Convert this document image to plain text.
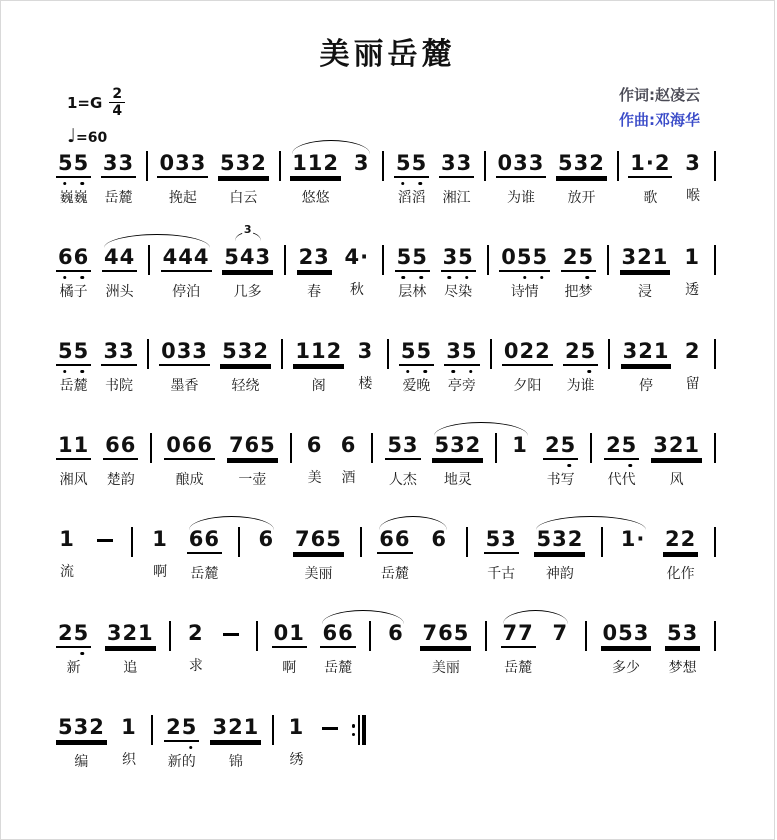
美丽岳麓
$1=G \frac{2}{4}$
♩=60
作词:赵凌云
作曲:邓海华
55
巍巍
33
岳麓
033
挽起
532
白云
112
悠悠
3 55
滔滔
33
湘江
033
为谁
532
放开
1·2
歌
3
喉
66
橘子
44
洲头
444
停泊
3
543
几多
23
春
4·
秋
55
层林
35
尽染
055
诗情
25
把梦
321
浸
1
透
55
岳麓
33
书院
033
墨香
532
轻绕
112
阁
3
楼
55
爱晚
35
亭旁
022
夕阳
25
为谁
321
停
2
留
11
湘风
66
楚韵
066
酿成
765
一壶
6
美
6
酒
53
人杰
532
地灵
1 25
书写
25
代代
321
风
1
流
1
啊
66
岳麓
6 765
美丽
66
岳麓
6 53
千古
532
神韵
1· 22
化作
25
新
321
追
2
求
01
啊
66
岳麓
6 765
美丽
77
岳麓
7 053
多少
53
梦想
532
编
1
织
25
新的
321
锦
1
绣
